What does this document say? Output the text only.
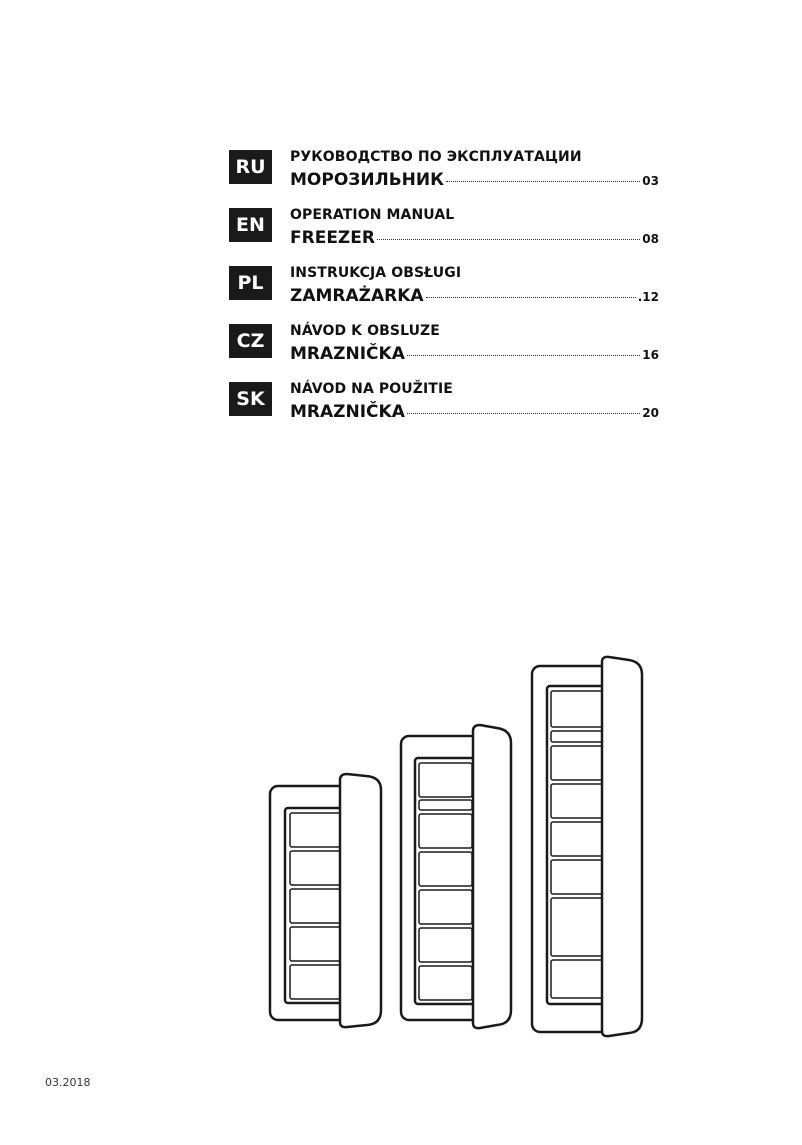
RU	РУКОВОДСТВО ПО ЭКСПЛУАТАЦИИ
МОРОЗИЛЬНИК	03
EN	OPERATION MANUAL
FREEZER	08
PL	INSTRUKCJA OBSŁUGI
ZAMRAŻARKA	.12
CZ	NÁVOD K OBSLUZE
MRAZNIČKA	16
SK	NÁVOD NA POUŽITIE
MRAZNIČKA	20
03.2018
